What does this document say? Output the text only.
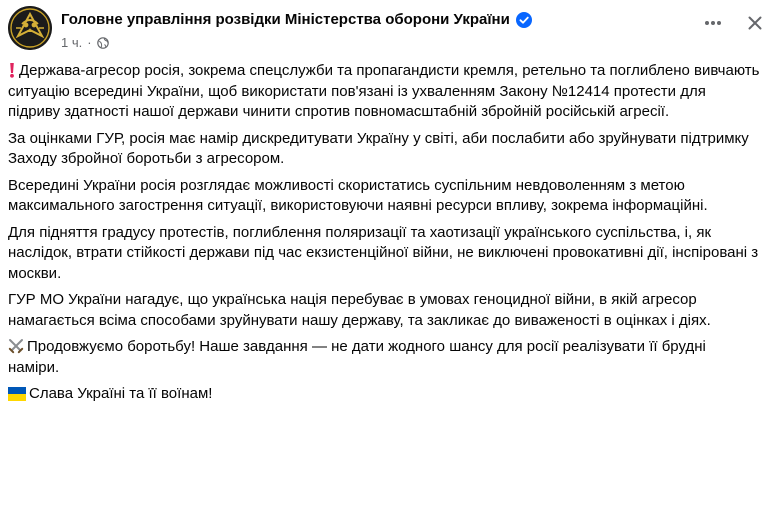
Головне управління розвідки Міністерства оборони України
1 ч. ·

Держава-агресор росія, зокрема спецслужби та пропагандисти кремля, ретельно та поглиблено вивчають ситуацію всередині України, щоб використати пов'язані із ухваленням Закону №12414 протести для підриву здатності нашої держави чинити спротив повномасштабній збройній російській агресії.

За оцінками ГУР, росія має намір дискредитувати Україну у світі, аби послабити або зруйнувати підтримку Заходу збройної боротьби з агресором.

Всередині України росія розглядає можливості скористатись суспільним невдоволенням з метою максимального загострення ситуації, використовуючи наявні ресурси впливу, зокрема інформаційні.

Для підняття градусу протестів, поглиблення поляризації та хаотизації українського суспільства, і, як наслідок, втрати стійкості держави під час екзистенційної війни, не виключені провокативні дії, інспіровані з москви.

ГУР МО України нагадує, що українська нація перебуває в умовах геноцидної війни, в якій агресор намагається всіма способами зруйнувати нашу державу, та закликає до виваженості в оцінках і діях.

Продовжуємо боротьбу! Наше завдання — не дати жодного шансу для росії реалізувати її брудні наміри.

Слава Україні та її воїнам!
